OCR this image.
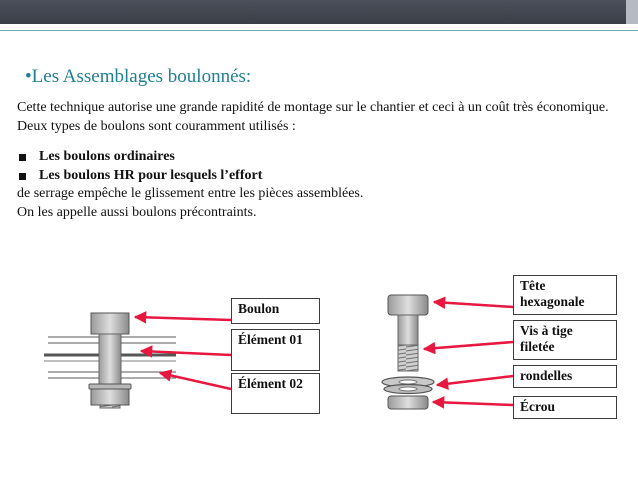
•Les Assemblages boulonnés:

Cette technique autorise une grande rapidité de montage sur le chantier et ceci à un coût très économique.

Deux types de boulons sont couramment utilisés :

Les boulons ordinaires
Les boulons HR pour lesquels l’effort

de serrage empêche le glissement entre les pièces assemblées.

On les appelle aussi boulons précontraints.

Boulon
Élément 01
Élément 02
Tête hexagonale
Vis à tige filetée
rondelles
Écrou
